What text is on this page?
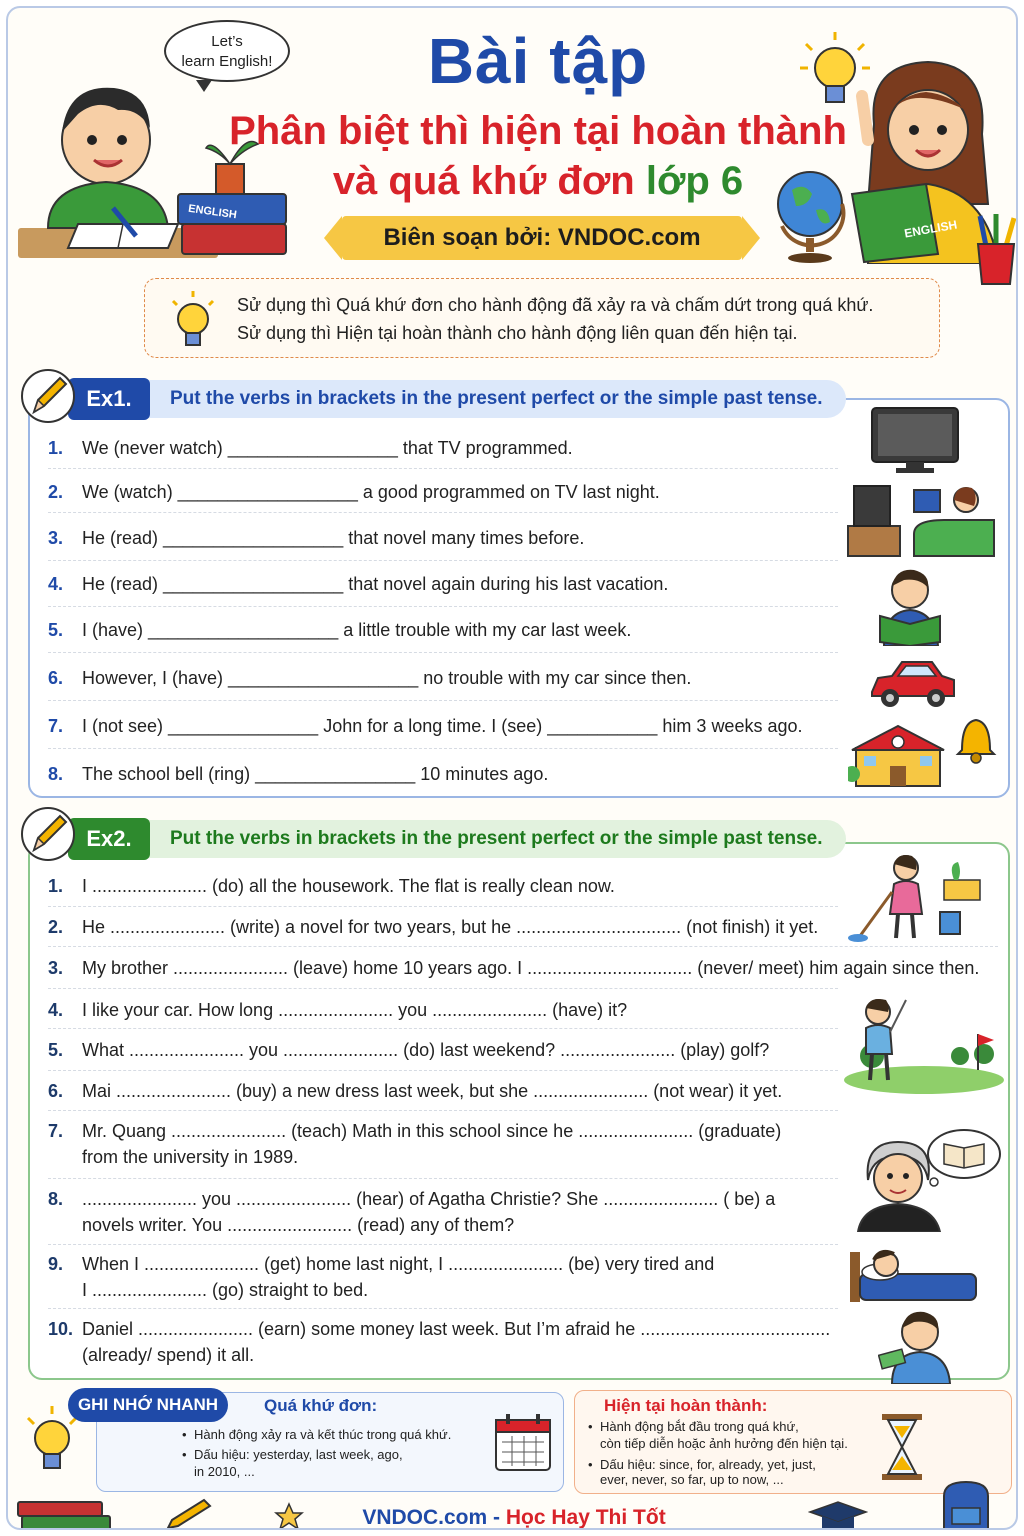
ENGLISH
Let’s
learn English!	Bài tập
Phân biệt thì hiện tại hoàn thành
và quá khứ đơn lớp 6
Biên soạn bởi: VNDOC.com	ENGLISH

Sử dụng thì Quá khứ đơn cho hành động đã xảy ra và chấm dứt trong quá khứ.

Sử dụng thì Hiện tại hoàn thành cho hành động liên quan đến hiện tại.

Ex1.	Put the verbs in brackets in the present perfect or the simple past tense.
1. We (never watch) _________________ that TV programmed.
2. We (watch) __________________ a good programmed on TV last night.
3. He (read) __________________ that novel many times before.
4. He (read) __________________ that novel again during his last vacation.
5. I (have) ___________________ a little trouble with my car last week.
6. However, I (have) ___________________ no trouble with my car since then.
7. I (not see) _______________ John for a long time. I (see) ___________ him 3 weeks ago.
8. The school bell (ring) ________________ 10 minutes ago.
Ex2.	Put the verbs in brackets in the present perfect or the simple past tense.
1. I ....................... (do) all the housework. The flat is really clean now.
2. He ....................... (write) a novel for two years, but he ................................. (not finish) it yet.
3. My brother ....................... (leave) home 10 years ago. I ................................. (never/ meet) him again since then.
4. I like your car. How long ....................... you ....................... (have) it?
5. What ....................... you ....................... (do) last weekend? ....................... (play) golf?
6. Mai ....................... (buy) a new dress last week, but she ....................... (not wear) it yet.
7. Mr. Quang ....................... (teach) Math in this school since he ....................... (graduate)
from the university in 1989.
8. ....................... you ....................... (hear) of Agatha Christie? She ....................... ( be) a
novels writer. You ......................... (read) any of them?
9. When I ....................... (get) home last night, I ....................... (be) very tired and
I ....................... (go) straight to bed.
10. Daniel ....................... (earn) some money last week. But I’m afraid he ......................................
(already/ spend) it all.
GHI NHỚ NHANH	Quá khứ đơn:
• Hành động xảy ra và kết thúc trong quá khứ.
• Dấu hiệu: yesterday, last week, ago,
in 2010, ...
Hiện tại hoàn thành:
• Hành động bắt đầu trong quá khứ,
còn tiếp diễn hoặc ảnh hưởng đến hiện tại.
• Dấu hiệu: since, for, already, yet, just,
ever, never, so far, up to now, ...
VNDOC.com - Học Hay Thi Tốt
